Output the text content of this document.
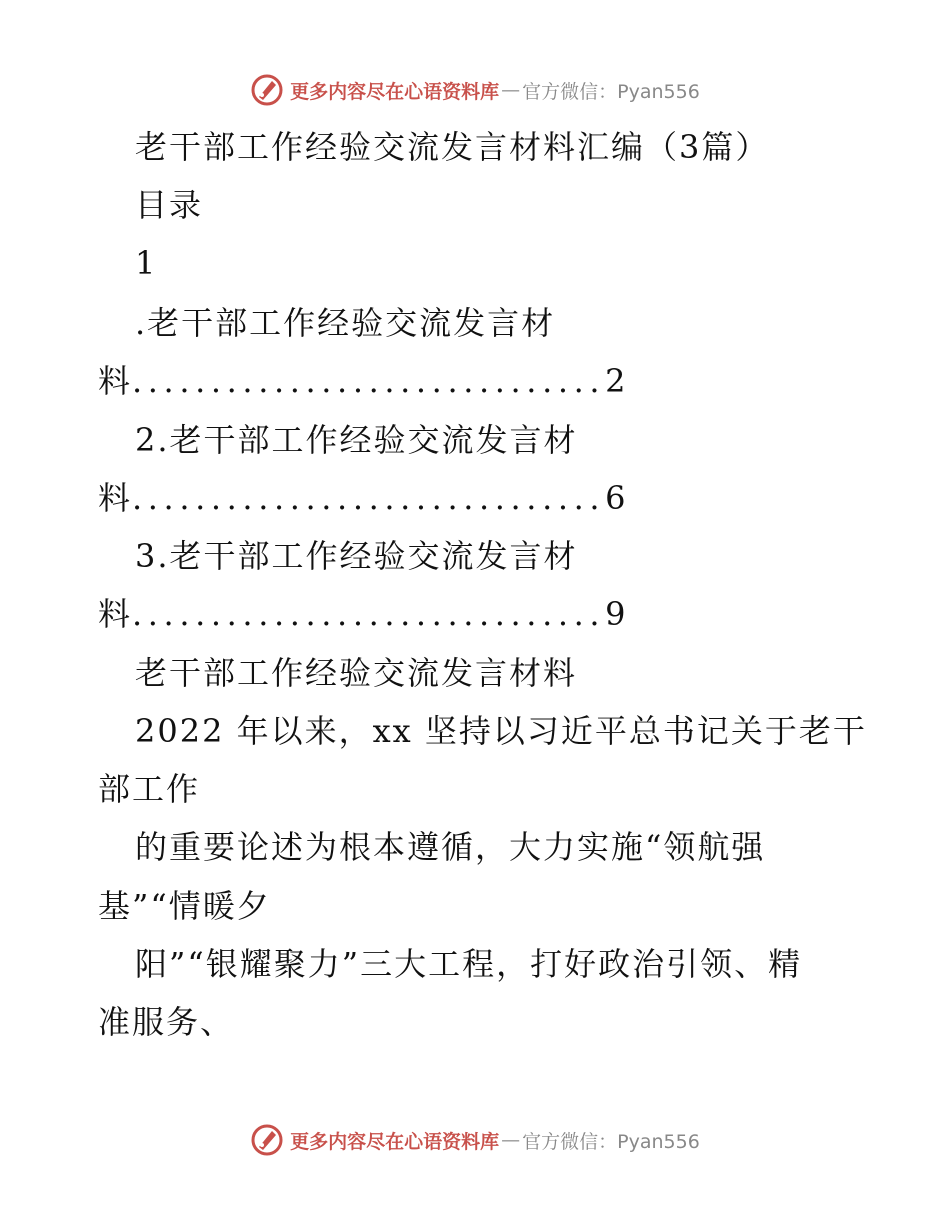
更多内容尽在心语资料库 — 官方微信：Pyan556
老干部工作经验交流发言材料汇编（3篇）
目录
1
.老干部工作经验交流发言材
料..............................2
2.老干部工作经验交流发言材
料..............................6
3.老干部工作经验交流发言材
料..............................9
老干部工作经验交流发言材料
2022 年以来，xx 坚持以习近平总书记关于老干
部工作
的重要论述为根本遵循，大力实施“领航强
基”“情暖夕
阳”“银耀聚力”三大工程，打好政治引领、精
准服务、
更多内容尽在心语资料库 — 官方微信：Pyan556
